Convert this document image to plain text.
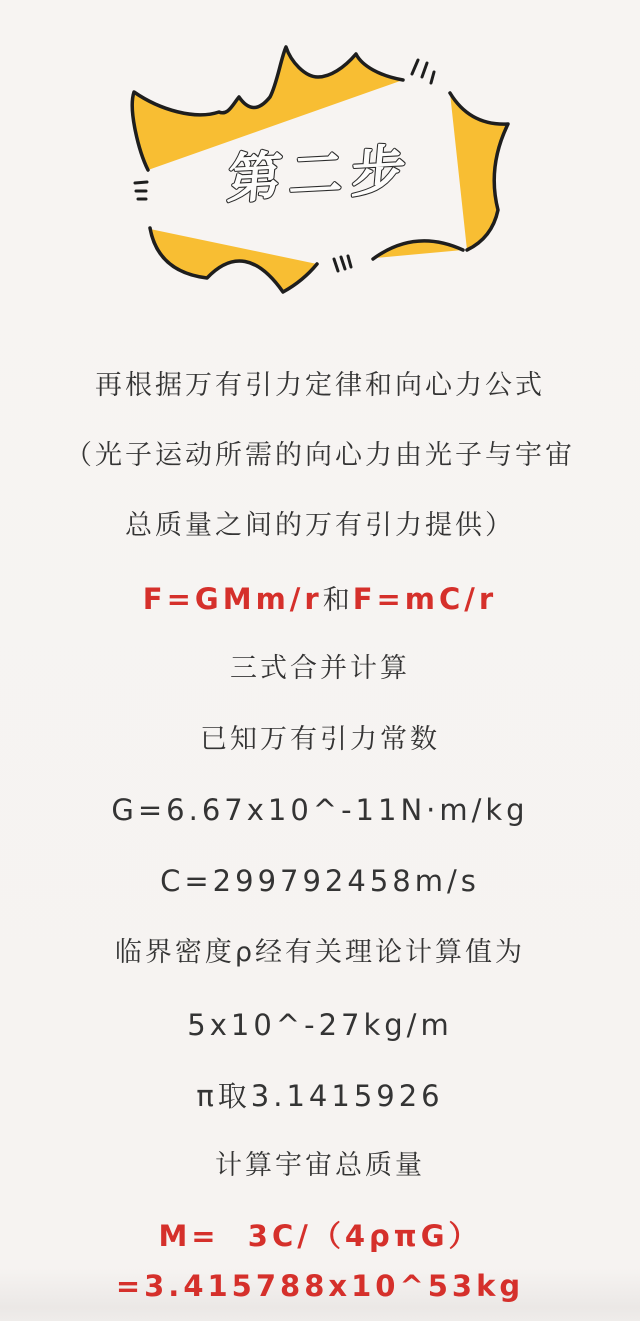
第二步
再根据万有引力定律和向心力公式
（光子运动所需的向心力由光子与宇宙
总质量之间的万有引力提供）
F=GMm/r和F=mC/r
三式合并计算
已知万有引力常数
G=6.67x10^-11N·m/kg
C=299792458m/s
临界密度ρ经有关理论计算值为
5x10^-27kg/m
π取3.1415926
计算宇宙总质量
M=  3C/（4ρπG）
=3.415788x10^53kg
